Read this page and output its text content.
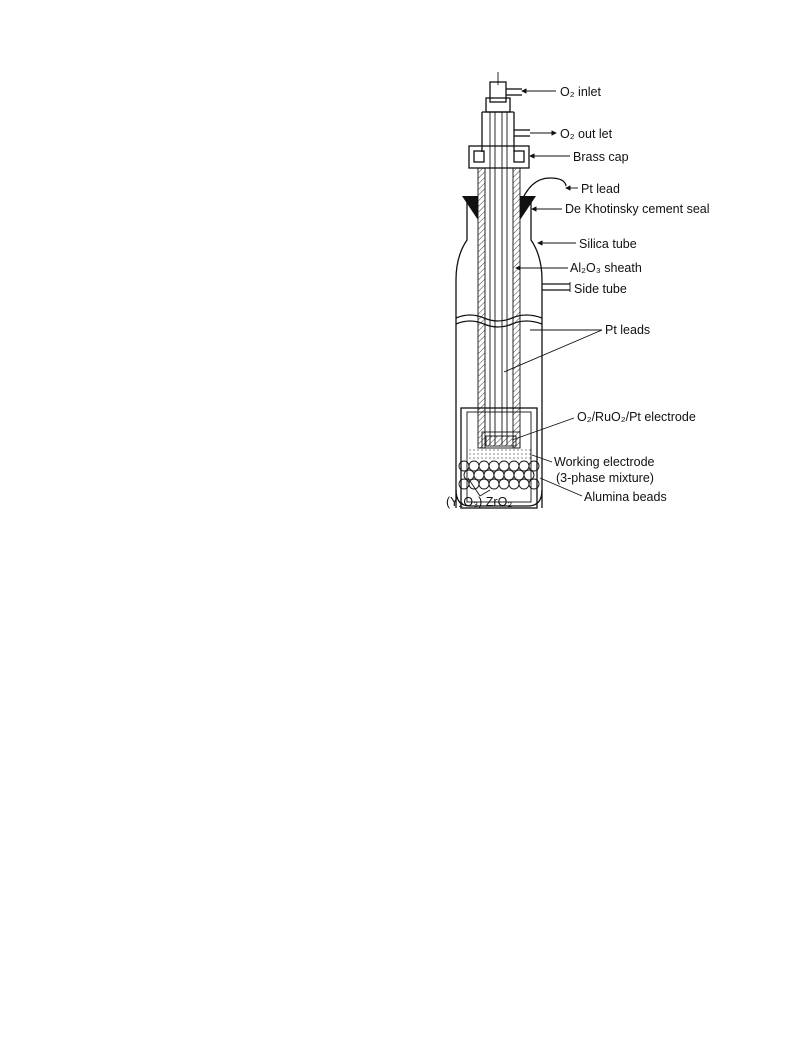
O₂ inlet
O₂ out let
Brass cap
Pt lead
De Khotinsky cement seal
Silica tube
Al₂O₃ sheath
Side tube
Pt leads
O₂/RuO₂/Pt electrode
Working electrode
(3-phase mixture)
(Y₂O₃) ZrO₂	Alumina beads
